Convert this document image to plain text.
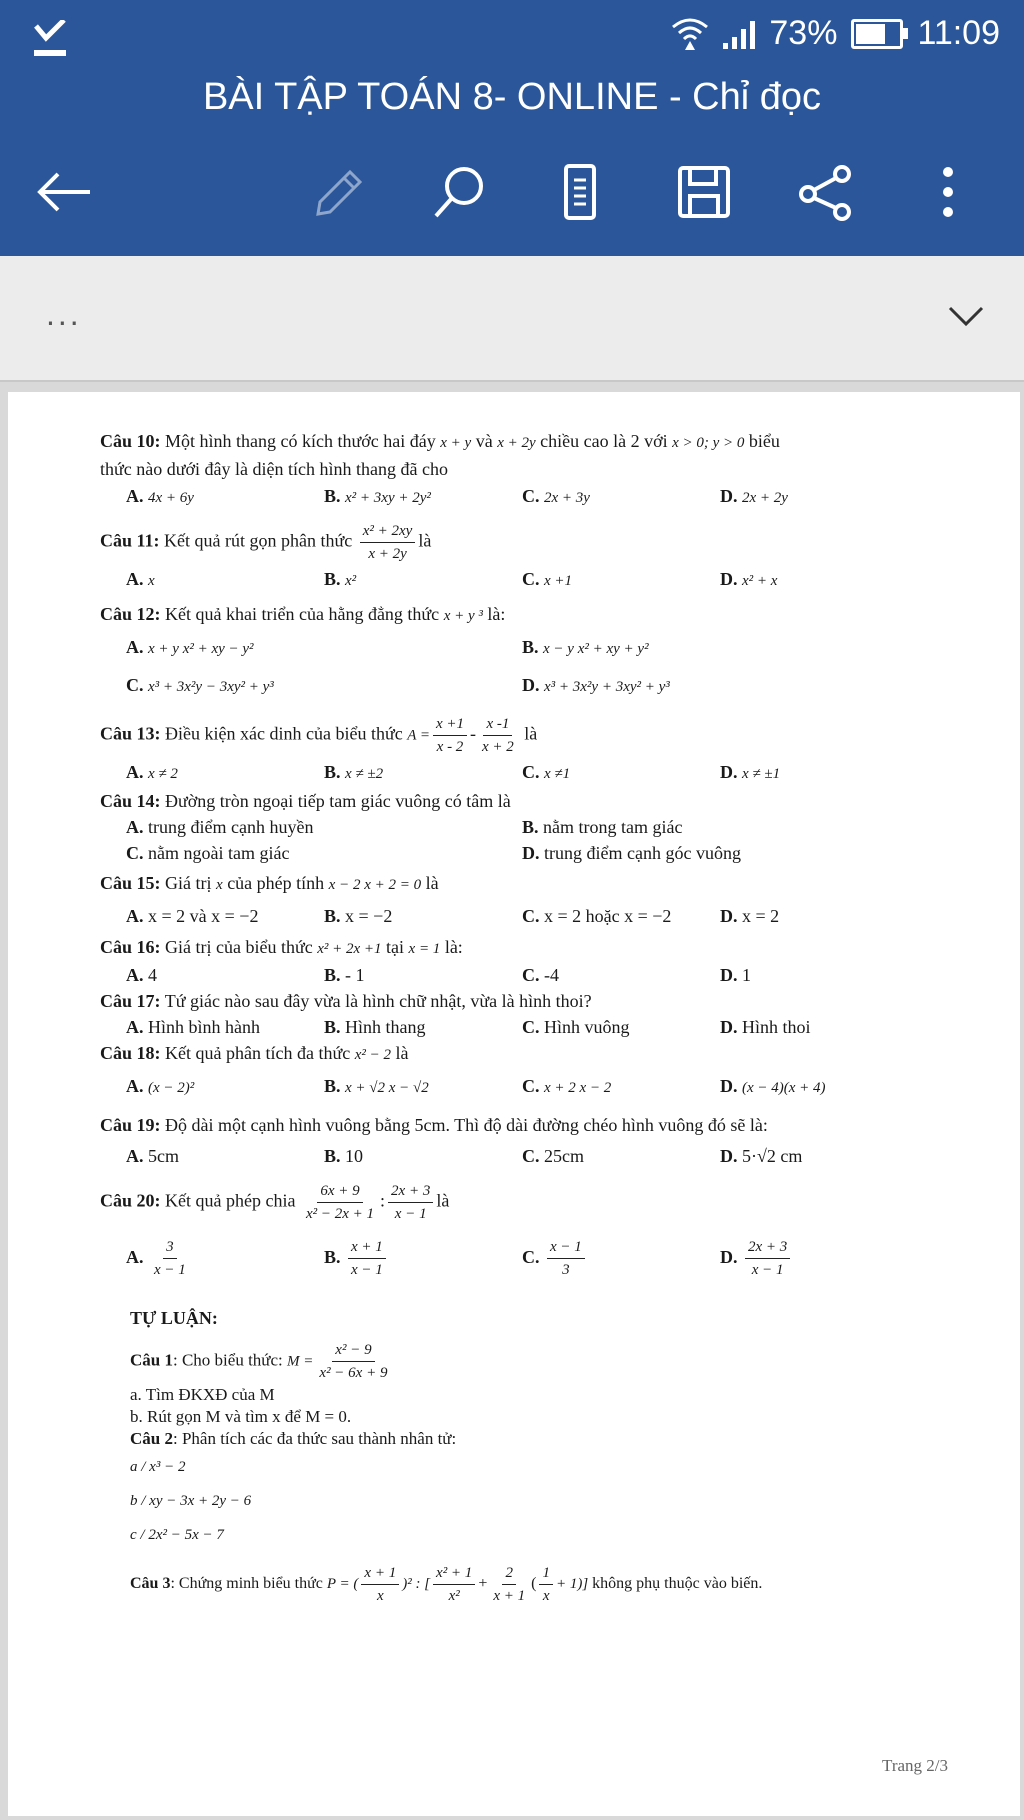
73% 11:09
BÀI TẬP TOÁN 8- ONLINE - Chỉ đọc
...

Câu 10: Một hình thang có kích thước hai đáy x + y và x + 2y chiều cao là 2 với x > 0; y > 0 biểu

thức nào dưới đây là diện tích hình thang đã cho

A. 4x + 6y	B. x² + 3xy + 2y²	C. 2x + 3y	D. 2x + 2y

Câu 11: Kết quả rút gọn phân thức $\frac{\text{x² + 2xy}}{x + 2y}$ là

A. x	B. x²	C. x +1	D. x² + x

Câu 12: Kết quả khai triển của hằng đẳng thức x + y ³ là:

A. x + y x² + xy − y²	B. x − y x² + xy + y²
C. x³ + 3x²y − 3xy² + y³	D. x³ + 3x²y + 3xy² + y³

Câu 13: Điều kiện xác dinh của biểu thức $A = \frac{x +1}{x - 2} - \frac{x -1}{x + 2}$ là

A. x ≠ 2	B. x ≠ ±2	C. x ≠1	D. x ≠ ±1

Câu 14: Đường tròn ngoại tiếp tam giác vuông có tâm là

A. trung điểm cạnh huyền	B. nằm trong tam giác
C. nằm ngoài tam giác	D. trung điểm cạnh góc vuông

Câu 15: Giá trị x của phép tính x − 2 x + 2 = 0 là

A. x = 2 và x = −2	B. x = −2	C. x = 2 hoặc x = −2	D. x = 2

Câu 16: Giá trị của biểu thức x² + 2x +1 tại x = 1 là:

A. 4	B. - 1	C. -4	D. 1

Câu 17: Tứ giác nào sau đây vừa là hình chữ nhật, vừa là hình thoi?

A. Hình bình hành	B. Hình thang	C. Hình vuông	D. Hình thoi

Câu 18: Kết quả phân tích đa thức x² − 2 là

A. (x − 2)²	B. x + √2 x − √2	C. x + 2 x − 2	D. (x − 4)(x + 4)

Câu 19: Độ dài một cạnh hình vuông bằng 5cm. Thì độ dài đường chéo hình vuông đó sẽ là:

A. 5cm	B. 10	C. 25cm	D. 5·√2 cm

Câu 20: Kết quả phép chia $\frac{6x + 9}{\text{x² − 2x + 1}}$ : $\frac{2x + 3}{x - 1}$ là

A. $\frac{3}{x - 1}$	B. $\frac{x + 1}{x - 1}$	C. $\frac{x - 1}{3}$	D. $\frac{2x + 3}{x - 1}$

TỰ LUẬN:

Câu 1: Cho biểu thức: $M = \frac{\text{x² − 9}}{\text{x² − 6x + 9}}$

a. Tìm ĐKXĐ của M

b. Rút gọn M và tìm x để M = 0.

Câu 2: Phân tích các đa thức sau thành nhân tử:

a / x³ − 2

b / xy − 3x + 2y − 6

c / 2x² − 5x − 7

Câu 3: Chứng minh biểu thức P = ( $\frac{x + 1}{x} )^2$ : [ $\frac{\text{x² + 1}}{\text{x²}} + \frac{2}{x + 1}$ ( $\frac{1}{x} + 1$)] không phụ thuộc vào biến.

Trang 2/3
